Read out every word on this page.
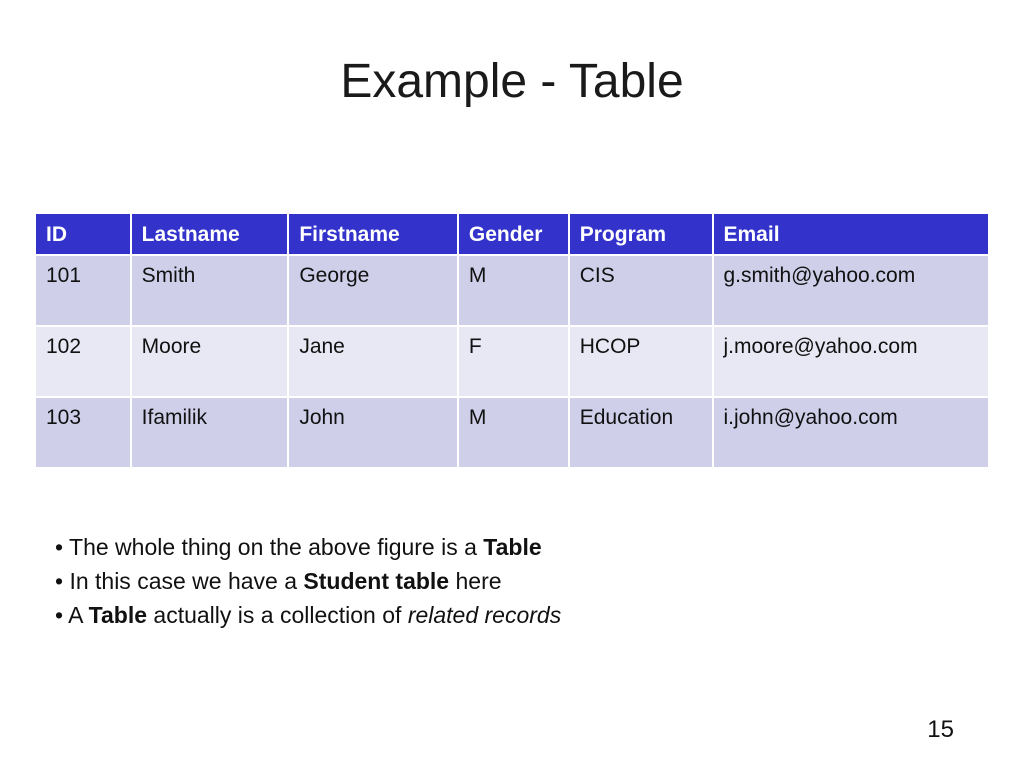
Example - Table
ID	Lastname	Firstname	Gender	Program	Email
101	Smith	George	M	CIS	g.smith@yahoo.com
102	Moore	Jane	F	HCOP	j.moore@yahoo.com
103	Ifamilik	John	M	Education	i.john@yahoo.com
• The whole thing on the above figure is a Table
• In this case we have a Student table here
• A Table actually is a collection of related records
15
